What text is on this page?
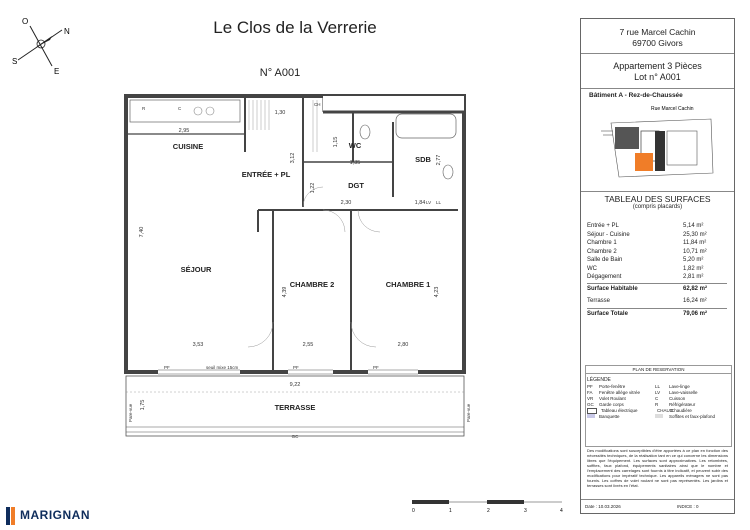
Le Clos de la Verrerie
N° A001
N
E
S
O
CUISINE
ENTRÉE + PL
WC
SDB
DGT
SÉJOUR
CHAMBRE 2	CHAMBRE 1
TERRASSE
2,95
1,30
3,12
1,15
1,35	2,77
1,22
2,30	1,84
7,40
4,39	4,23
3,53	2,55	2,80
9,22
1,75
PF	seuil mixe 15cm	PF	PF
GC
Pare-vue	Pare-vue
R	C
LV LL
CH
7 rue Marcel Cachin
69700 Givors
Appartement 3 Pièces
Lot n° A001
Bâtiment A - Rez-de-Chaussée
Rue Marcel Cachin
TABLEAU DES SURFACES
(compris placards)
Entrée + PL	5,14 m²
Séjour - Cuisine	25,30 m²
Chambre 1	11,84 m²
Chambre 2	10,71 m²
Salle de Bain	5,20 m²
WC	1,82 m²
Dégagement	2,81 m²
Surface Habitable	62,82 m²
Terrasse	16,24 m²
Surface Totale	79,06 m²
PLAN DE RESERVATION
LÉGENDE
PF	Porte-fenêtre	LL	Lave-linge
FA	Fenêtre allège vitrée	LV	Lave-vaisselle
VR	Volet Roulant	C	Cuisson
GC	Garde corps	R	Réfrigérateur
Tableau électrique	CHAUD
Chaudière
Banquette	Soffites et faux-plafond
Des modifications sont susceptibles d'être apportées à ce plan en fonction des nécessités techniques, de la réalisation tant en ce qui concerne les dimensions libres que l'équipement. Les surfaces sont approximatives. Les retombées, soffites, faux plafond, équipements sanitaires ainsi que le nombre et l'emplacement des carrelages sont fournis à titre indicatif, et peuvent subir des modifications pour impératif technique. Les appareils ménagers ne sont pas fournis. Les coffres de volet roulant ne sont pas représentés. Les jardins et terrasses sont livrés en l'état.
Date : 10.03.2026	INDICE : 0
MARIGNAN	0	1	2	3	4
